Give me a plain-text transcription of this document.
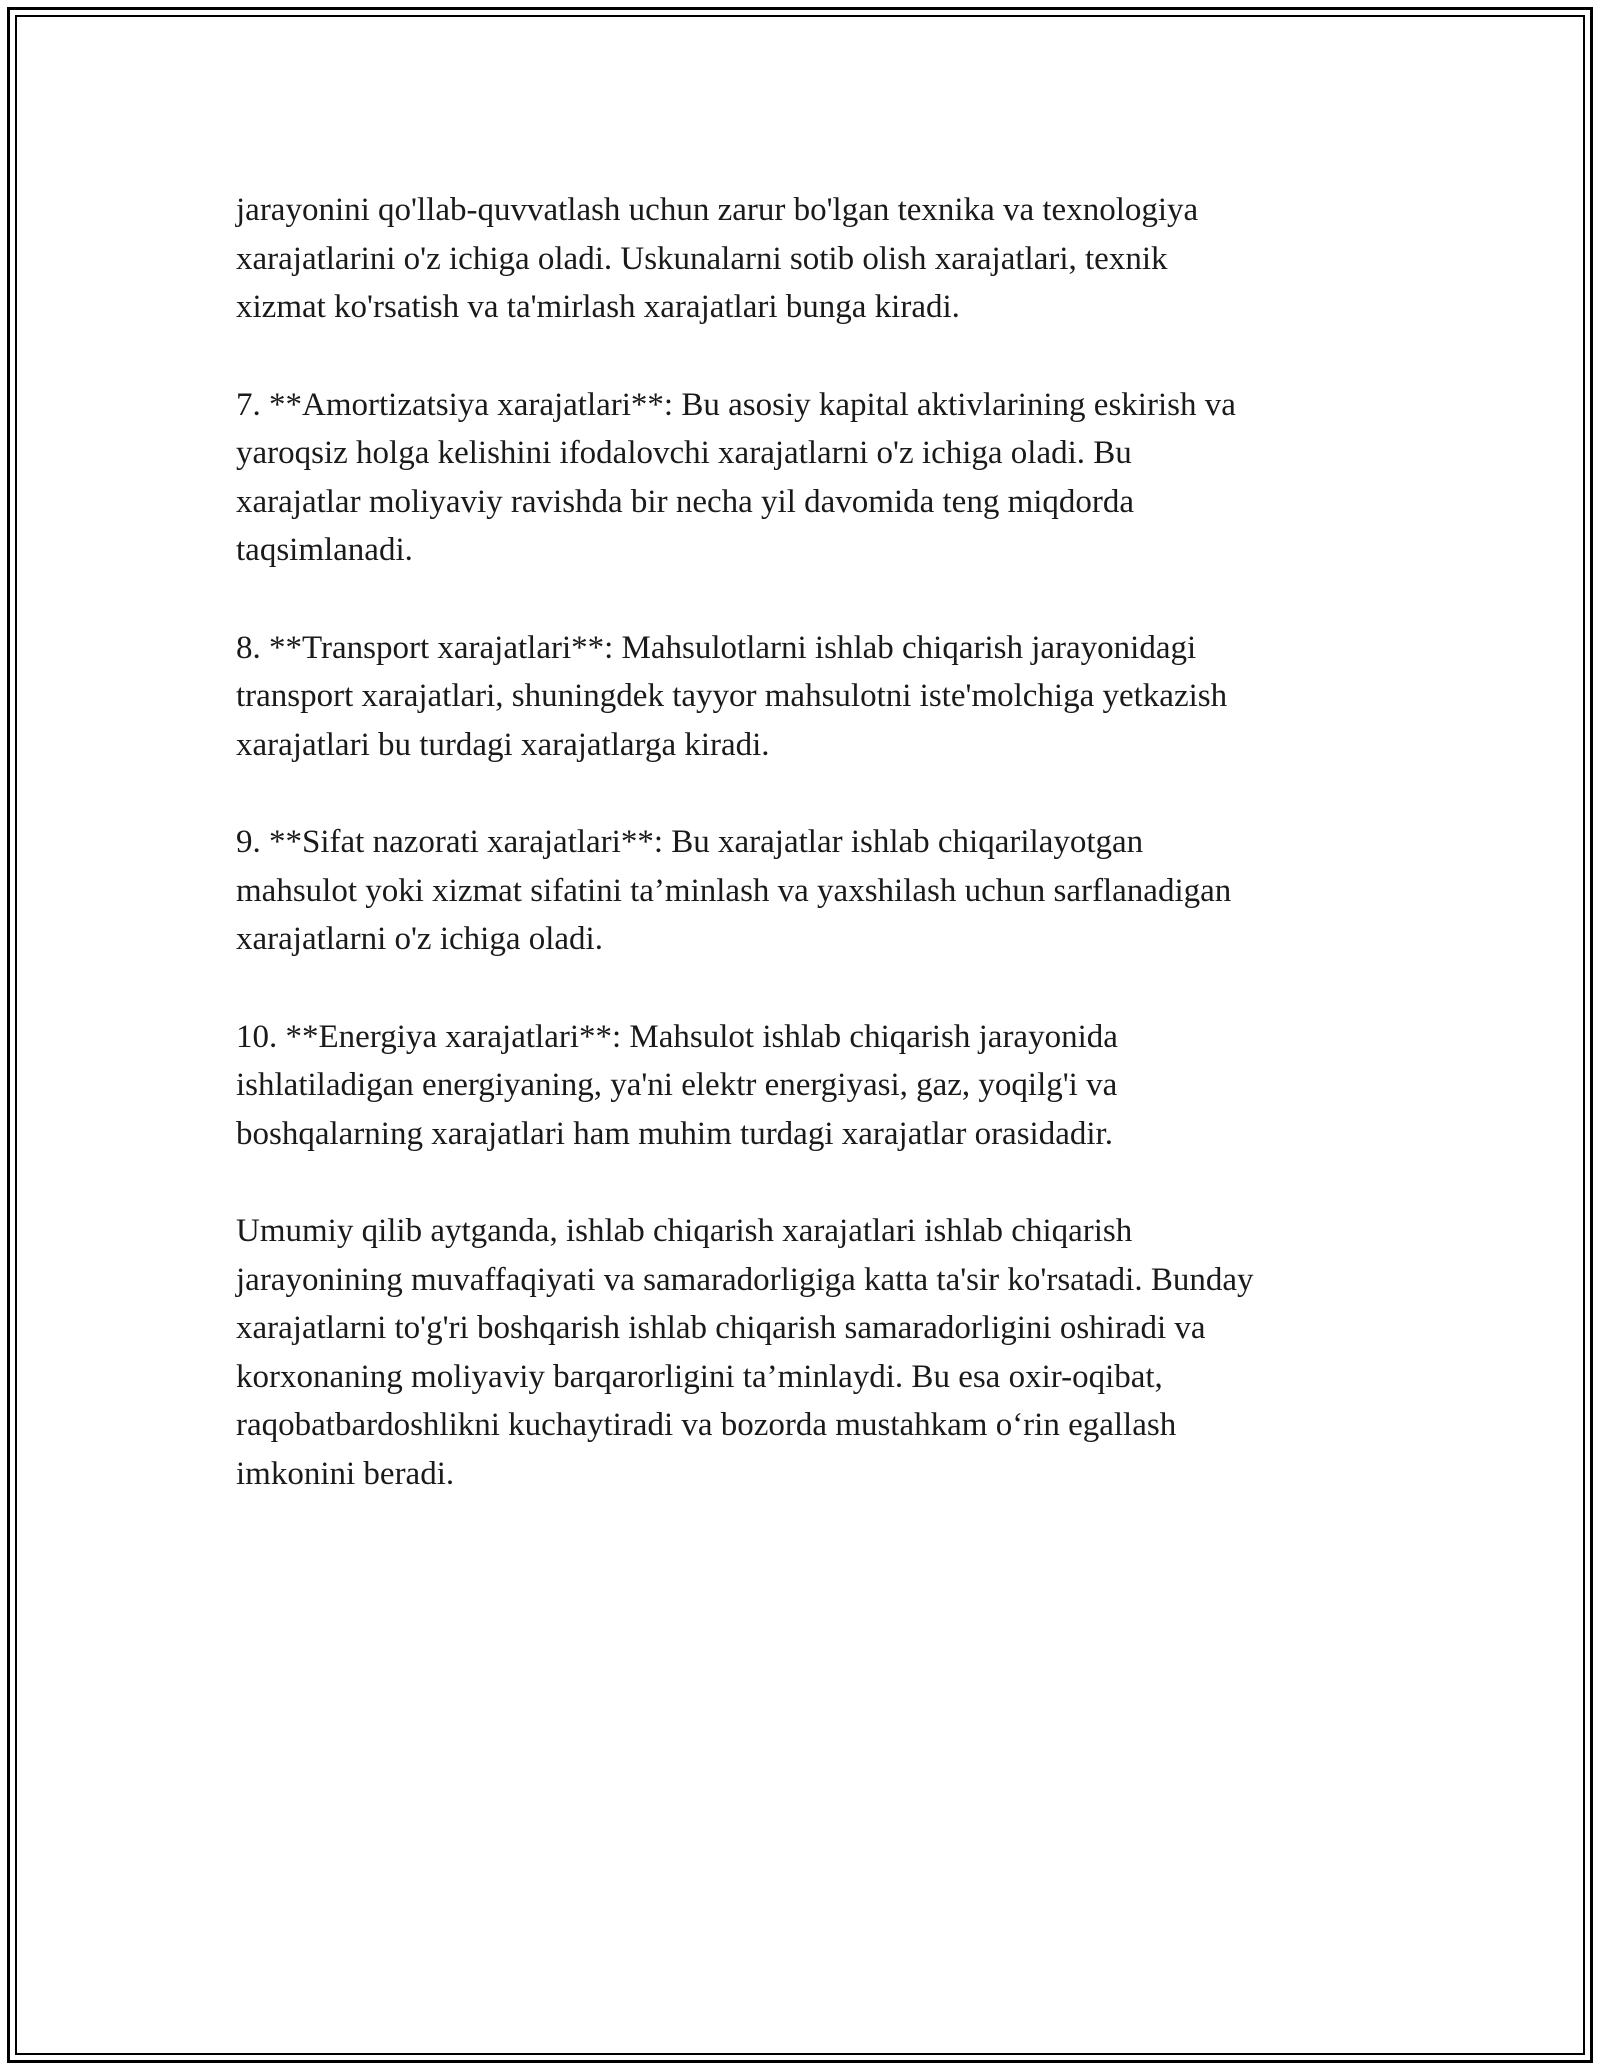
jarayonini qo'llab-quvvatlash uchun zarur bo'lgan texnika va texnologiya
xarajatlarini o'z ichiga oladi. Uskunalarni sotib olish xarajatlari, texnik
xizmat ko'rsatish va ta'mirlash xarajatlari bunga kiradi.

7. **Amortizatsiya xarajatlari**: Bu asosiy kapital aktivlarining eskirish va
yaroqsiz holga kelishini ifodalovchi xarajatlarni o'z ichiga oladi. Bu
xarajatlar moliyaviy ravishda bir necha yil davomida teng miqdorda
taqsimlanadi.

8. **Transport xarajatlari**: Mahsulotlarni ishlab chiqarish jarayonidagi
transport xarajatlari, shuningdek tayyor mahsulotni iste'molchiga yetkazish
xarajatlari bu turdagi xarajatlarga kiradi.

9. **Sifat nazorati xarajatlari**: Bu xarajatlar ishlab chiqarilayotgan
mahsulot yoki xizmat sifatini ta’minlash va yaxshilash uchun sarflanadigan
xarajatlarni o'z ichiga oladi.

10. **Energiya xarajatlari**: Mahsulot ishlab chiqarish jarayonida
ishlatiladigan energiyaning, ya'ni elektr energiyasi, gaz, yoqilg'i va
boshqalarning xarajatlari ham muhim turdagi xarajatlar orasidadir.

Umumiy qilib aytganda, ishlab chiqarish xarajatlari ishlab chiqarish
jarayonining muvaffaqiyati va samaradorligiga katta ta'sir ko'rsatadi. Bunday
xarajatlarni to'g'ri boshqarish ishlab chiqarish samaradorligini oshiradi va
korxonaning moliyaviy barqarorligini ta’minlaydi. Bu esa oxir-oqibat,
raqobatbardoshlikni kuchaytiradi va bozorda mustahkam o‘rin egallash
imkonini beradi.
